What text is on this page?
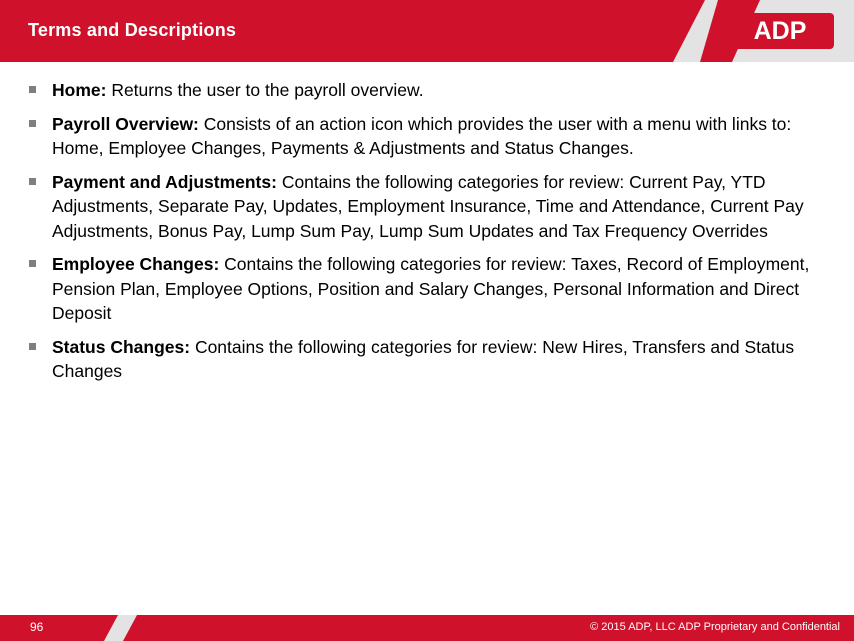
Terms and Descriptions	ADP ®
Home: Returns the user to the payroll overview.
Payroll Overview: Consists of an action icon which provides the user with a menu with links to: Home, Employee Changes, Payments & Adjustments and Status Changes.
Payment and Adjustments: Contains the following categories for review: Current Pay, YTD Adjustments, Separate Pay, Updates, Employment Insurance, Time and Attendance, Current Pay Adjustments, Bonus Pay, Lump Sum Pay, Lump Sum Updates and Tax Frequency Overrides
Employee Changes: Contains the following categories for review: Taxes, Record of Employment, Pension Plan, Employee Options, Position and Salary Changes, Personal Information and Direct Deposit
Status Changes: Contains the following categories for review: New Hires, Transfers and Status Changes
96	© 2015 ADP, LLC ADP Proprietary and Confidential
